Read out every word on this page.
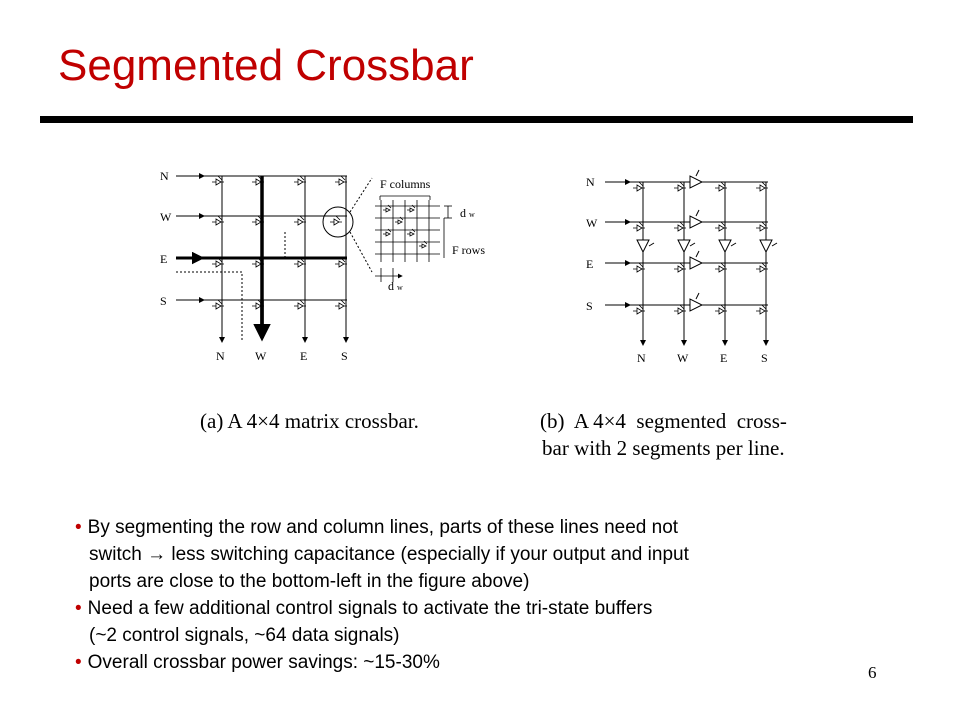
Segmented Crossbar
N
W
E
S
N	W	E	S
F columns
d w
F rows
d w
N
W
E
S
N	W	E	S
(a) A 4×4 matrix crossbar.	(b)  A 4×4  segmented  cross-
bar with 2 segments per line.
• By segmenting the row and column lines, parts of these lines need not
switch → less switching capacitance (especially if your output and input
ports are close to the bottom-left in the figure above)
• Need a few additional control signals to activate the tri-state buffers
(~2 control signals, ~64 data signals)
• Overall crossbar power savings: ~15-30%	6
